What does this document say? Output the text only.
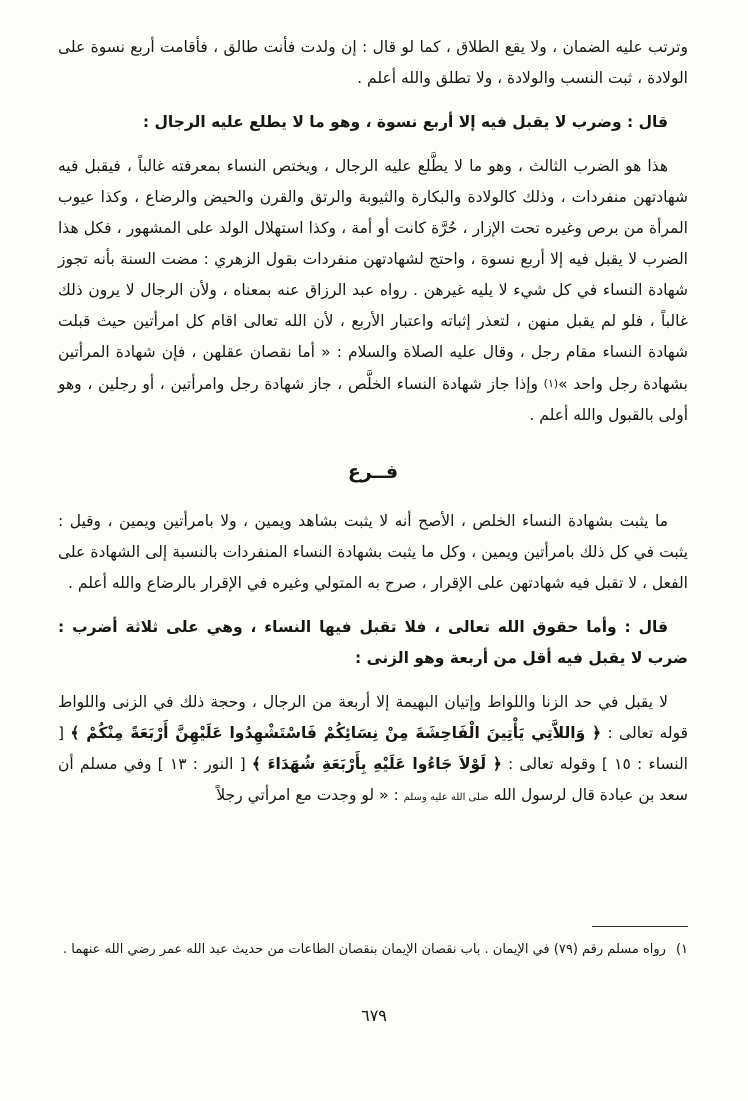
وترتب عليه الضمان ، ولا يقع الطلاق ، كما لو قال : إن ولدت فأنت طالق ، فأقامت أربع نسوة على الولادة ، ثبت النسب والولادة ، ولا تطلق والله أعلم .

قال : وضرب لا يقبل فيه إلا أربع نسوة ، وهو ما لا يطلع عليه الرجال :

هذا هو الضرب الثالث ، وهو ما لا يطَّلع عليه الرجال ، ويختص النساء بمعرفته غالباً ، فيقبل فيه شهادتهن منفردات ، وذلك كالولادة والبكارة والثيوبة والرتق والقرن والحيض والرضاع ، وكذا عيوب المرأة من برص وغيره تحت الإزار ، حُرَّة كانت أو أمة ، وكذا استهلال الولد على المشهور ، فكل هذا الضرب لا يقبل فيه إلا أربع نسوة ، واحتج لشهادتهن منفردات بقول الزهري : مضت السنة بأنه تجوز شهادة النساء في كل شيء لا يليه غيرهن . رواه عبد الرزاق عنه بمعناه ، ولأن الرجال لا يرون ذلك غالباً ، فلو لم يقبل منهن ، لتعذر إثباته واعتبار الأربع ، لأن الله تعالى اقام كل امرأتين حيث قبلت شهادة النساء مقام رجل ، وقال عليه الصلاة والسلام : « أما نقصان عقلهن ، فإن شهادة المرأتين بشهادة رجل واحد »$^{(١)}$ وإذا جاز شهادة النساء الخلَّص ، جاز شهادة رجل وامرأتين ، أو رجلين ، وهو أولى بالقبول والله أعلم .

فــرع

ما يثبت بشهادة النساء الخلص ، الأصح أنه لا يثبت بشاهد ويمين ، ولا بامرأتين ويمين ، وقيل : يثبت في كل ذلك بامرأتين ويمين ، وكل ما يثبت بشهادة النساء المنفردات بالنسبة إلى الشهادة على الفعل ، لا تقبل فيه شهادتهن على الإقرار ، صرح به المتولي وغيره في الإقرار بالرضاع والله أعلم .

قال : وأما حقوق الله تعالى ، فلا تقبل فيها النساء ، وهي على ثلاثة أضرب : ضرب لا يقبل فيه أقل من أربعة وهو الزنى :

لا يقبل في حد الزنا واللواط وإتيان البهيمة إلا أربعة من الرجال ، وحجة ذلك في الزنى واللواط قوله تعالى : ﴿ وَاللاَّتِي يَأْتِينَ الْفَاحِشَةَ مِنْ نِسَائِكُمْ فَاسْتَشْهِدُوا عَلَيْهِنَّ أَرْبَعَةً مِنْكُمْ ﴾ [ النساء : ١٥ ] وقوله تعالى : ﴿ لَوْلاَ جَاءُوا عَلَيْهِ بِأَرْبَعَةِ شُهَدَاءَ ﴾ [ النور : ١٣ ] وفي مسلم أن سعد بن عبادة قال لرسول الله صلى الله عليه وسلم : « لو وجدت مع امرأتي رجلاً

١)رواه مسلم رقم (٧٩) في الإيمان . باب نقصان الإيمان بنقصان الطاعات من حديث عبد الله عمر رضي الله عنهما .

٦٧٩
